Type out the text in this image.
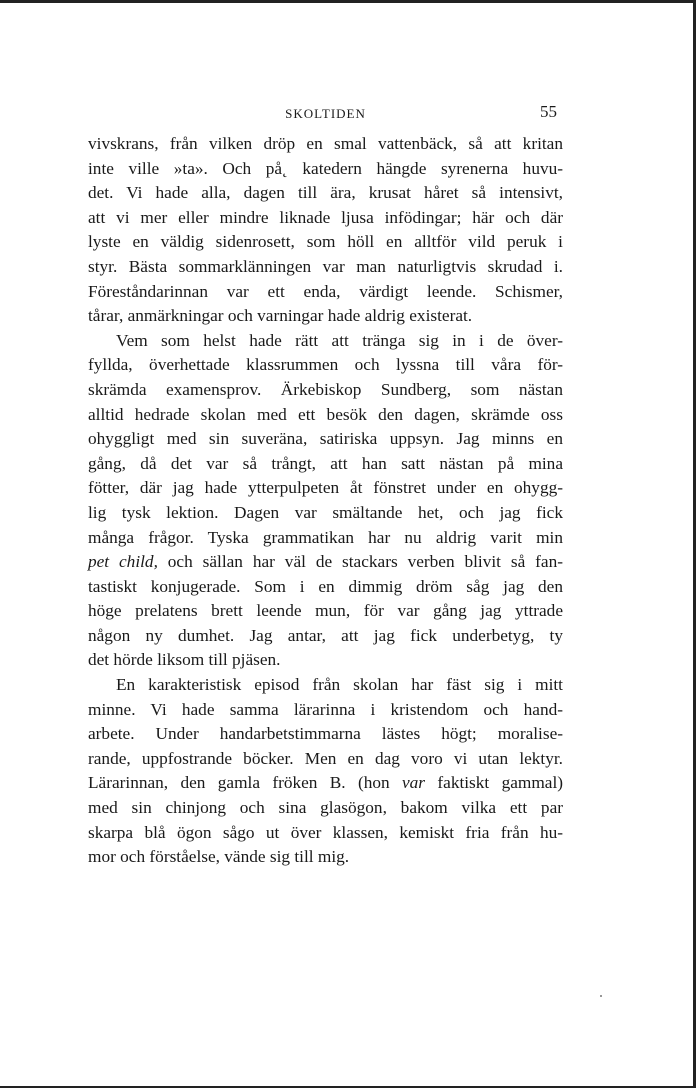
SKOLTIDEN	55

vivskrans, från vilken dröp en smal vattenbäck, så att kritan
inte ville »ta». Och på˛ katedern hängde syrenerna huvu-
det. Vi hade alla, dagen till ära, krusat håret så intensivt,
att vi mer eller mindre liknade ljusa infödingar; här och där
lyste en väldig sidenrosett, som höll en alltför vild peruk i
styr. Bästa sommarklänningen var man naturligtvis skrudad i.
Föreståndarinnan var ett enda, värdigt leende. Schismer,
tårar, anmärkningar och varningar hade aldrig existerat.

Vem som helst hade rätt att tränga sig in i de över-
fyllda, överhettade klassrummen och lyssna till våra för-
skrämda examensprov. Ärkebiskop Sundberg, som nästan
alltid hedrade skolan med ett besök den dagen, skrämde oss
ohyggligt med sin suveräna, satiriska uppsyn. Jag minns en
gång, då det var så trångt, att han satt nästan på mina
fötter, där jag hade ytterpulpeten åt fönstret under en ohygg-
lig tysk lektion. Dagen var smältande het, och jag fick
många frågor. Tyska grammatikan har nu aldrig varit min
pet child, och sällan har väl de stackars verben blivit så fan-
tastiskt konjugerade. Som i en dimmig dröm såg jag den
höge prelatens brett leende mun, för var gång jag yttrade
någon ny dumhet. Jag antar, att jag fick underbetyg, ty
det hörde liksom till pjäsen.

En karakteristisk episod från skolan har fäst sig i mitt
minne. Vi hade samma lärarinna i kristendom och hand-
arbete. Under handarbetstimmarna lästes högt; moralise-
rande, uppfostrande böcker. Men en dag voro vi utan lektyr.
Lärarinnan, den gamla fröken B. (hon var faktiskt gammal)
med sin chinjong och sina glasögon, bakom vilka ett par
skarpa blå ögon sågo ut över klassen, kemiskt fria från hu-
mor och förståelse, vände sig till mig.
